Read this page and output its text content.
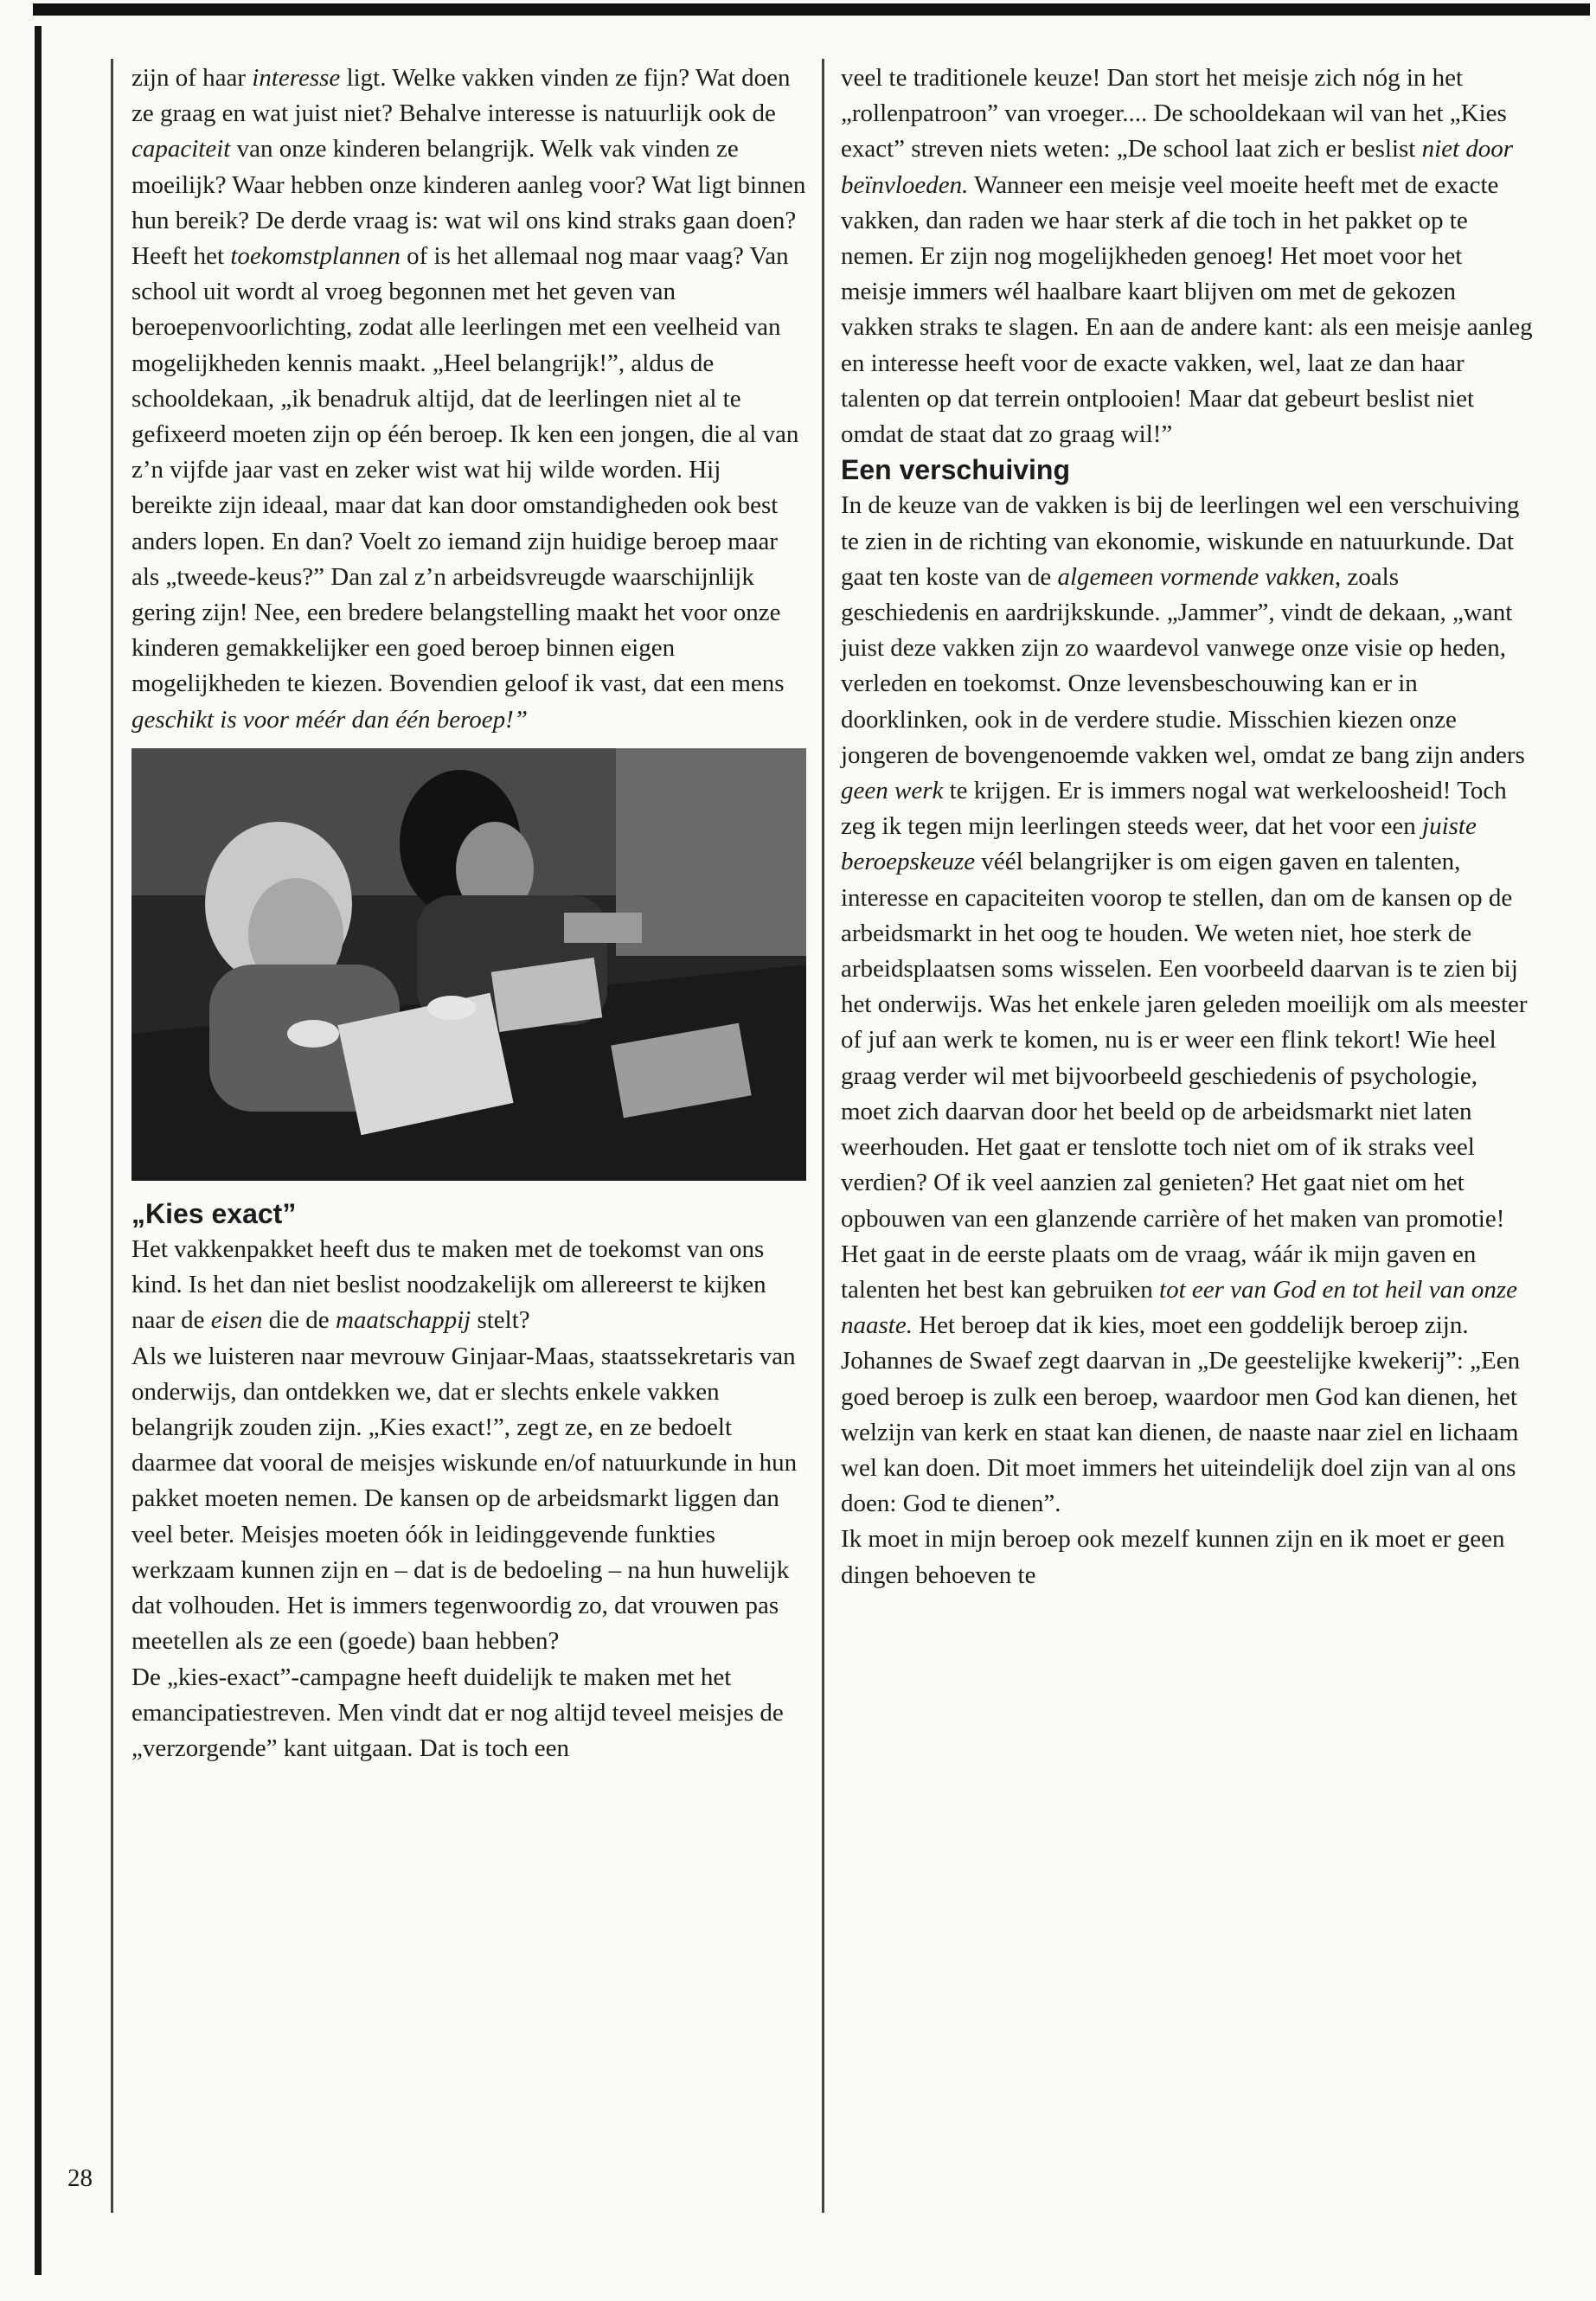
zijn of haar interesse ligt. Welke vakken vinden ze fijn? Wat doen ze graag en wat juist niet? Behalve interesse is natuurlijk ook de capaciteit van onze kinderen belangrijk. Welk vak vinden ze moeilijk? Waar hebben onze kinderen aanleg voor? Wat ligt binnen hun bereik? De derde vraag is: wat wil ons kind straks gaan doen? Heeft het toekomstplannen of is het allemaal nog maar vaag? Van school uit wordt al vroeg begonnen met het geven van beroepenvoorlichting, zodat alle leerlingen met een veelheid van mogelijkheden kennis maakt. „Heel belangrijk!”, aldus de schooldekaan, „ik benadruk altijd, dat de leerlingen niet al te gefixeerd moeten zijn op één beroep. Ik ken een jongen, die al van z’n vijfde jaar vast en zeker wist wat hij wilde worden. Hij bereikte zijn ideaal, maar dat kan door omstandigheden ook best anders lopen. En dan? Voelt zo iemand zijn huidige beroep maar als „tweede-keus?” Dan zal z’n arbeidsvreugde waarschijnlijk gering zijn! Nee, een bredere belangstelling maakt het voor onze kinderen gemakkelijker een goed beroep binnen eigen mogelijkheden te kiezen. Bovendien geloof ik vast, dat een mens geschikt is voor méér dan één beroep!”

„Kies exact”

Het vakkenpakket heeft dus te maken met de toekomst van ons kind. Is het dan niet beslist noodzakelijk om allereerst te kijken naar de eisen die de maatschappij stelt?

Als we luisteren naar mevrouw Ginjaar-Maas, staatssekretaris van onderwijs, dan ontdekken we, dat er slechts enkele vakken belangrijk zouden zijn. „Kies exact!”, zegt ze, en ze bedoelt daarmee dat vooral de meisjes wiskunde en/of natuurkunde in hun pakket moeten nemen. De kansen op de arbeidsmarkt liggen dan veel beter. Meisjes moeten óók in leidinggevende funkties werkzaam kunnen zijn en – dat is de bedoeling – na hun huwelijk dat volhouden. Het is immers tegenwoordig zo, dat vrouwen pas meetellen als ze een (goede) baan hebben?

De „kies-exact”-campagne heeft duidelijk te maken met het emancipatiestreven. Men vindt dat er nog altijd teveel meisjes de „verzorgende” kant uitgaan. Dat is toch een

veel te traditionele keuze! Dan stort het meisje zich nóg in het „rollenpatroon” van vroeger.... De schooldekaan wil van het „Kies exact” streven niets weten: „De school laat zich er beslist niet door beïnvloeden. Wanneer een meisje veel moeite heeft met de exacte vakken, dan raden we haar sterk af die toch in het pakket op te nemen. Er zijn nog mogelijkheden genoeg! Het moet voor het meisje immers wél haalbare kaart blijven om met de gekozen vakken straks te slagen. En aan de andere kant: als een meisje aanleg en interesse heeft voor de exacte vakken, wel, laat ze dan haar talenten op dat terrein ontplooien! Maar dat gebeurt beslist niet omdat de staat dat zo graag wil!”

Een verschuiving

In de keuze van de vakken is bij de leerlingen wel een verschuiving te zien in de richting van ekonomie, wiskunde en natuurkunde. Dat gaat ten koste van de algemeen vormende vakken, zoals geschiedenis en aardrijkskunde. „Jammer”, vindt de dekaan, „want juist deze vakken zijn zo waardevol vanwege onze visie op heden, verleden en toekomst. Onze levensbeschouwing kan er in doorklinken, ook in de verdere studie. Misschien kiezen onze jongeren de bovengenoemde vakken wel, omdat ze bang zijn anders geen werk te krijgen. Er is immers nogal wat werkeloosheid! Toch zeg ik tegen mijn leerlingen steeds weer, dat het voor een juiste beroepskeuze véél belangrijker is om eigen gaven en talenten, interesse en capaciteiten voorop te stellen, dan om de kansen op de arbeidsmarkt in het oog te houden. We weten niet, hoe sterk de arbeidsplaatsen soms wisselen. Een voorbeeld daarvan is te zien bij het onderwijs. Was het enkele jaren geleden moeilijk om als meester of juf aan werk te komen, nu is er weer een flink tekort! Wie heel graag verder wil met bijvoorbeeld geschiedenis of psychologie, moet zich daarvan door het beeld op de arbeidsmarkt niet laten weerhouden. Het gaat er tenslotte toch niet om of ik straks veel verdien? Of ik veel aanzien zal genieten? Het gaat niet om het opbouwen van een glanzende carrière of het maken van promotie! Het gaat in de eerste plaats om de vraag, wáár ik mijn gaven en talenten het best kan gebruiken tot eer van God en tot heil van onze naaste. Het beroep dat ik kies, moet een goddelijk beroep zijn. Johannes de Swaef zegt daarvan in „De geestelijke kwekerij”: „Een goed beroep is zulk een beroep, waardoor men God kan dienen, het welzijn van kerk en staat kan dienen, de naaste naar ziel en lichaam wel kan doen. Dit moet immers het uiteindelijk doel zijn van al ons doen: God te dienen”.

Ik moet in mijn beroep ook mezelf kunnen zijn en ik moet er geen dingen behoeven te

28
